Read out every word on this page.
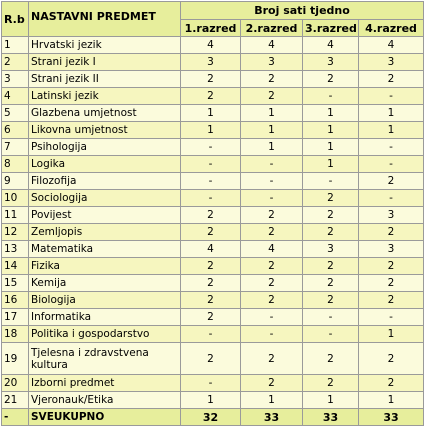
R.b	NASTAVNI PREDMET	Broj sati tjedno			
		1.razred	2.razred	3.razred	4.razred
1	Hrvatski jezik	4	4	4	4
2	Strani jezik I	3	3	3	3
3	Strani jezik II	2	2	2	2
4	Latinski jezik	2	2	-	-
5	Glazbena umjetnost	1	1	1	1
6	Likovna umjetnost	1	1	1	1
7	Psihologija	-	1	1	-
8	Logika	-	-	1	-
9	Filozofija	-	-	-	2
10	Sociologija	-	-	2	-
11	Povijest	2	2	2	3
12	Zemljopis	2	2	2	2
13	Matematika	4	4	3	3
14	Fizika	2	2	2	2
15	Kemija	2	2	2	2
16	Biologija	2	2	2	2
17	Informatika	2	-	-	-
18	Politika i gospodarstvo	-	-	-	1
19	Tjelesna i zdravstvena kultura	2	2	2	2
20	Izborni predmet	-	2	2	2
21	Vjeronauk/Etika	1	1	1	1
-	SVEUKUPNO	32	33	33	33
